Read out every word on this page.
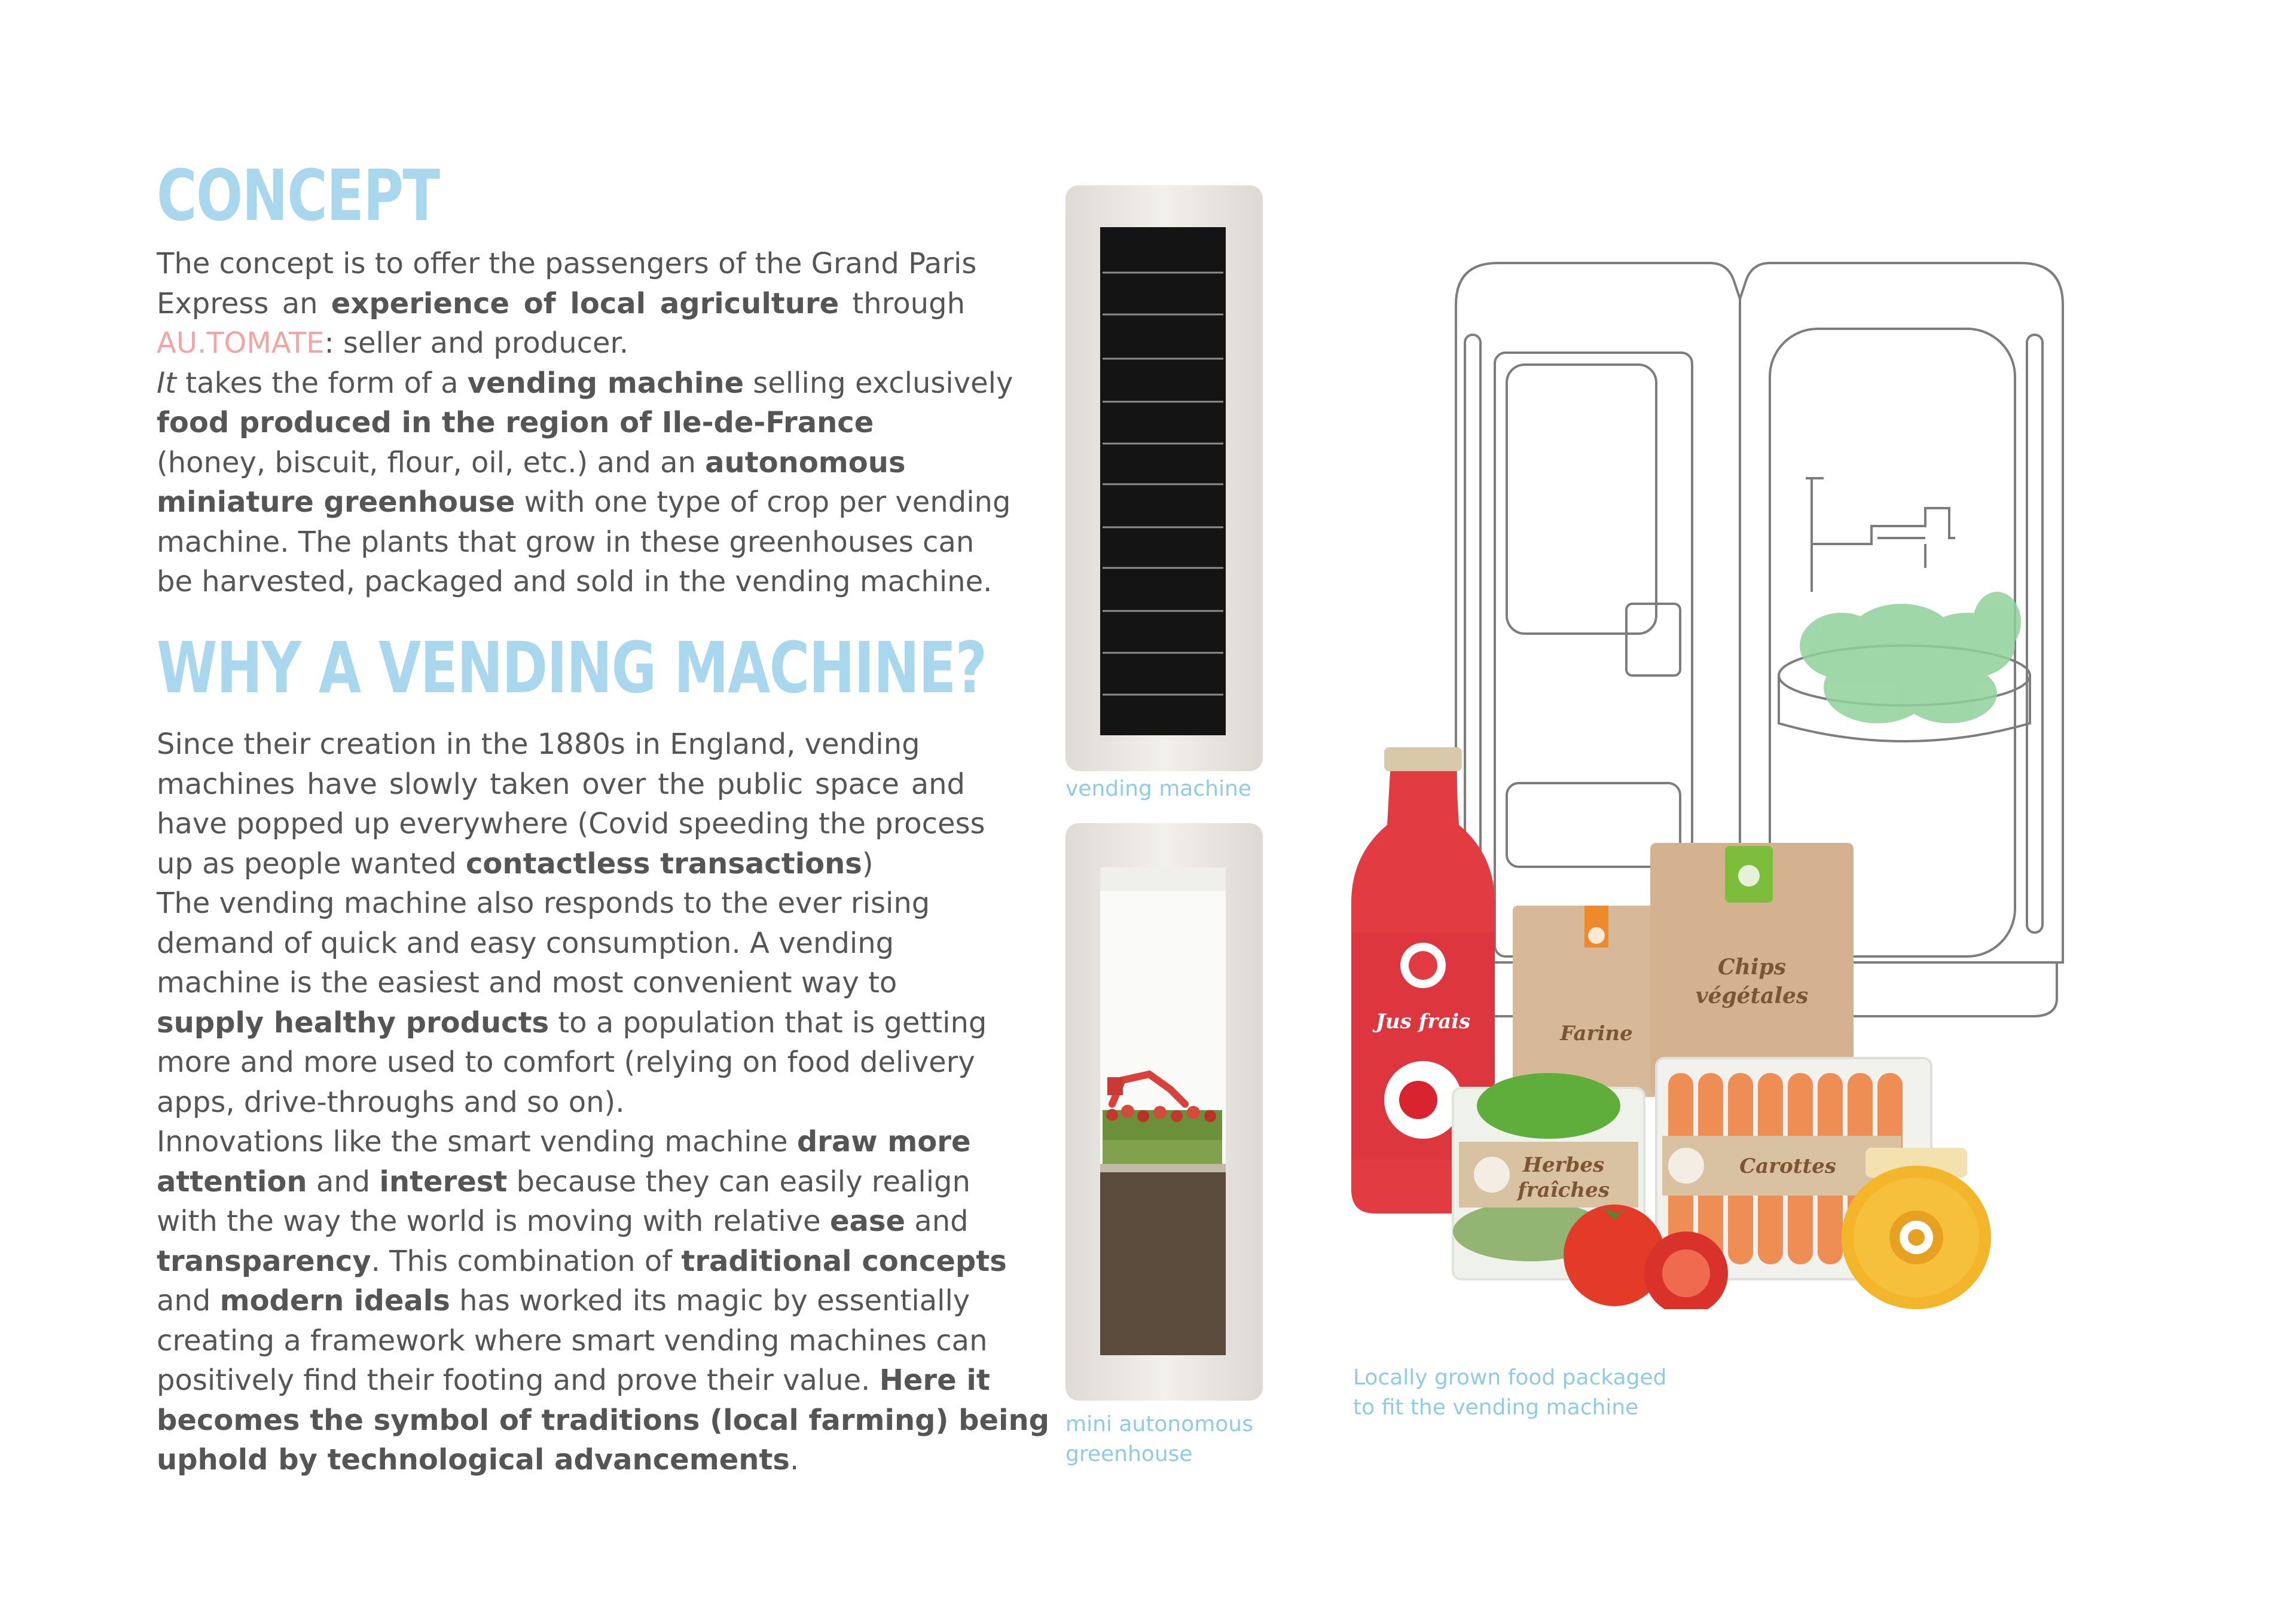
CONCEPT
The concept is to offer the passengers of the Grand Paris
Express an experience of local agriculture through
AU.TOMATE: seller and producer.
It takes the form of a vending machine selling exclusively
food produced in the region of Ile-de-France
(honey, biscuit, flour, oil, etc.) and an autonomous
miniature greenhouse with one type of crop per vending
machine. The plants that grow in these greenhouses can
be harvested, packaged and sold in the vending machine.
WHY A VENDING MACHINE?
Since their creation in the 1880s in England, vending
machines have slowly taken over the public space and
have popped up everywhere (Covid speeding the process
up as people wanted contactless transactions)
The vending machine also responds to the ever rising
demand of quick and easy consumption. A vending
machine is the easiest and most convenient way to
supply healthy products to a population that is getting
more and more used to comfort (relying on food delivery
apps, drive-throughs and so on).
Innovations like the smart vending machine draw more
attention and interest because they can easily realign
with the way the world is moving with relative ease and
transparency. This combination of traditional concepts
and modern ideals has worked its magic by essentially
creating a framework where smart vending machines can
positively find their footing and prove their value. Here it
becomes the symbol of traditions (local farming) being
uphold by technological advancements.

vending machine

mini autonomous

greenhouse

Jus frais	Farine
Chips
végétales
Herbes
fraîches
Carottes

Locally grown food packaged

to fit the vending machine
